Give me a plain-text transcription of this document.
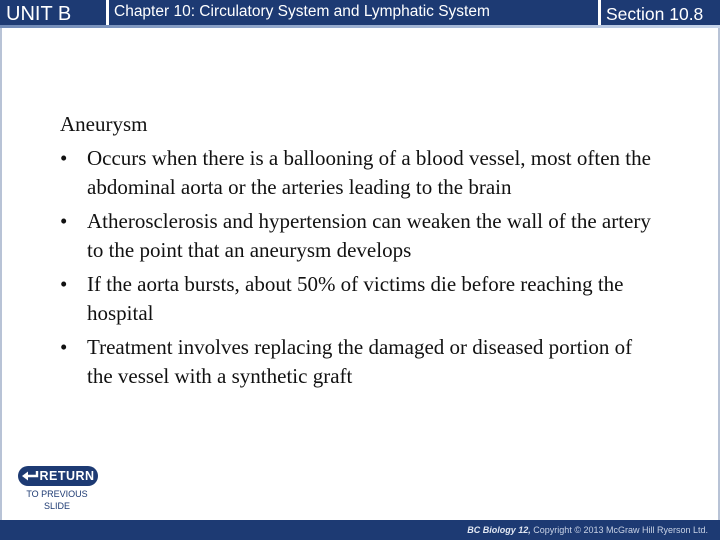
UNIT B	Chapter 10: Circulatory System and Lymphatic System	Section 10.8
Aneurysm
• Occurs when there is a ballooning of a blood vessel, most often the abdominal aorta or the arteries leading to the brain
• Atherosclerosis and hypertension can weaken the wall of the artery to the point that an aneurysm develops
• If the aorta bursts, about 50% of victims die before reaching the hospital
• Treatment involves replacing the damaged or diseased portion of the vessel with a synthetic graft
RETURN
TO PREVIOUS SLIDE
BC Biology 12, Copyright © 2013 McGraw Hill Ryerson Ltd.
